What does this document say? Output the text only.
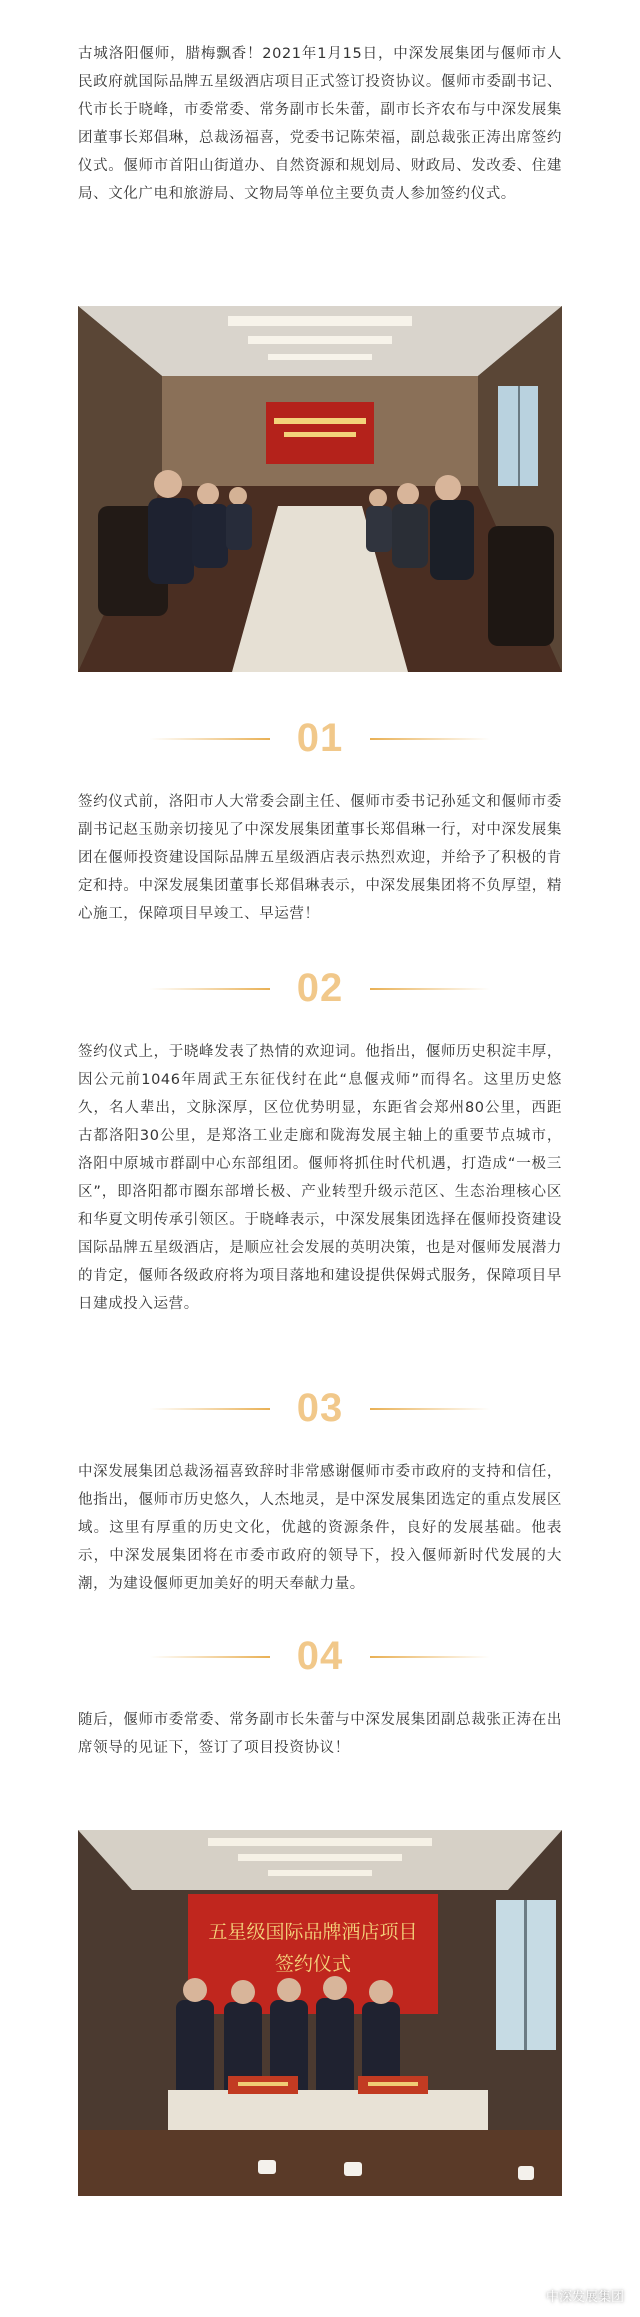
古城洛阳偃师，腊梅飘香！2021年1月15日，中深发展集团与偃师市人民政府就国际品牌五星级酒店项目正式签订投资协议。偃师市委副书记、代市长于晓峰，市委常委、常务副市长朱蕾，副市长齐农布与中深发展集团董事长郑倡琳，总裁汤福喜，党委书记陈荣福，副总裁张正涛出席签约仪式。偃师市首阳山街道办、自然资源和规划局、财政局、发改委、住建局、文化广电和旅游局、文物局等单位主要负责人参加签约仪式。

01

签约仪式前，洛阳市人大常委会副主任、偃师市委书记孙延文和偃师市委副书记赵玉勋亲切接见了中深发展集团董事长郑倡琳一行，对中深发展集团在偃师投资建设国际品牌五星级酒店表示热烈欢迎，并给予了积极的肯定和持。中深发展集团董事长郑倡琳表示，中深发展集团将不负厚望，精心施工，保障项目早竣工、早运营！

02

签约仪式上，于晓峰发表了热情的欢迎词。他指出，偃师历史积淀丰厚，因公元前1046年周武王东征伐纣在此“息偃戎师”而得名。这里历史悠久，名人辈出，文脉深厚，区位优势明显，东距省会郑州80公里，西距古都洛阳30公里，是郑洛工业走廊和陇海发展主轴上的重要节点城市，洛阳中原城市群副中心东部组团。偃师将抓住时代机遇，打造成“一极三区”，即洛阳都市圈东部增长极、产业转型升级示范区、生态治理核心区和华夏文明传承引领区。于晓峰表示，中深发展集团选择在偃师投资建设国际品牌五星级酒店，是顺应社会发展的英明决策，也是对偃师发展潜力的肯定，偃师各级政府将为项目落地和建设提供保姆式服务，保障项目早日建成投入运营。

03

中深发展集团总裁汤福喜致辞时非常感谢偃师市委市政府的支持和信任，他指出，偃师市历史悠久，人杰地灵，是中深发展集团选定的重点发展区域。这里有厚重的历史文化，优越的资源条件，良好的发展基础。他表示，中深发展集团将在市委市政府的领导下，投入偃师新时代发展的大潮，为建设偃师更加美好的明天奉献力量。

04

随后，偃师市委常委、常务副市长朱蕾与中深发展集团副总裁张正涛在出席领导的见证下，签订了项目投资协议！

五星级国际品牌酒店项目
签约仪式
中深发展集团
